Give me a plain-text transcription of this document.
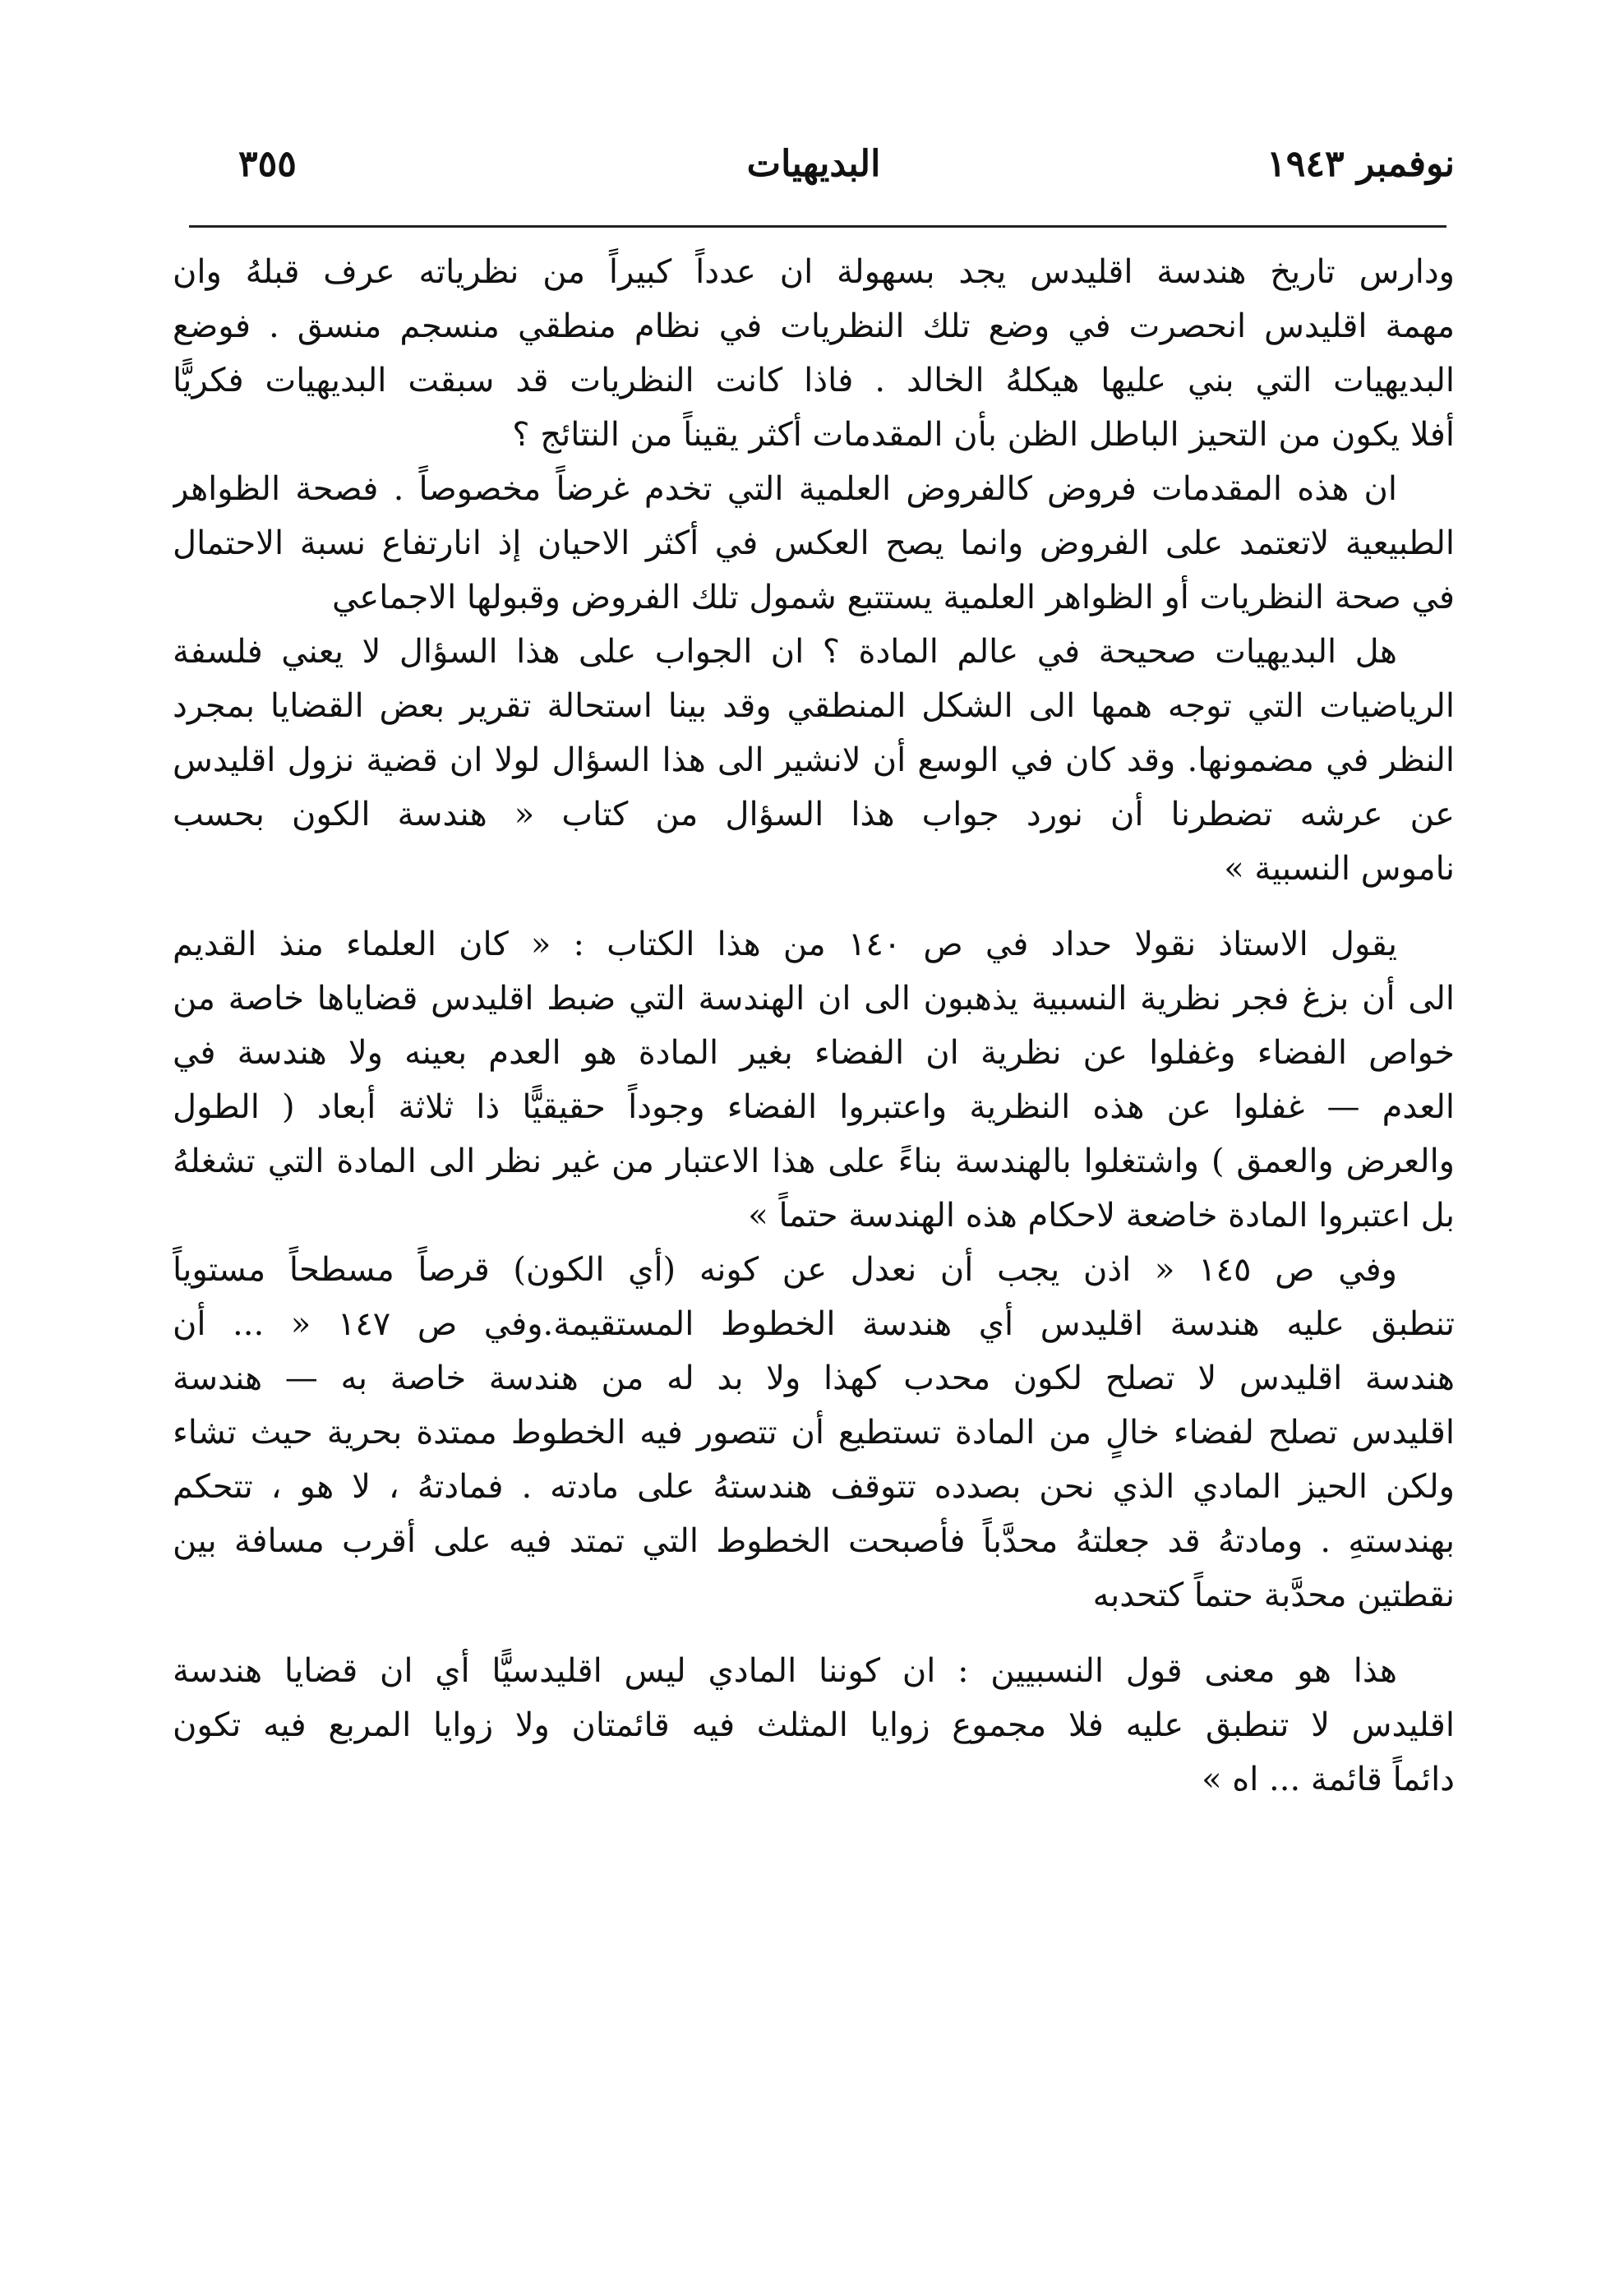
نوفمبر ١٩٤٣
البديهيات
٣٥٥
ودارس تاريخ هندسة اقليدس يجد بسهولة ان عدداً كبيراً من نظرياته عرف قبلهُ وان
مهمة اقليدس انحصرت في وضع تلك النظريات في نظام منطقي منسجم منسق . فوضع
البديهيات التي بني عليها هيكلهُ الخالد . فاذا كانت النظريات قد سبقت البديهيات فكريًّا
أفلا يكون من التحيز الباطل الظن بأن المقدمات أكثر يقيناً من النتائج ؟
ان هذه المقدمات فروض كالفروض العلمية التي تخدم غرضاً مخصوصاً . فصحة الظواهر
الطبيعية لاتعتمد على الفروض وانما يصح العكس في أكثر الاحيان إذ انارتفاع نسبة الاحتمال
في صحة النظريات أو الظواهر العلمية يستتبع شمول تلك الفروض وقبولها الاجماعي
هل البديهيات صحيحة في عالم المادة ؟ ان الجواب على هذا السؤال لا يعني فلسفة
الرياضيات التي توجه همها الى الشكل المنطقي وقد بينا استحالة تقرير بعض القضايا بمجرد
النظر في مضمونها. وقد كان في الوسع أن لانشير الى هذا السؤال لولا ان قضية نزول اقليدس
عن عرشه تضطرنا أن نورد جواب هذا السؤال من كتاب « هندسة الكون بحسب
ناموس النسبية »
يقول الاستاذ نقولا حداد في ص ١٤٠ من هذا الكتاب : « كان العلماء منذ القديم
الى أن بزغ فجر نظرية النسبية يذهبون الى ان الهندسة التي ضبط اقليدس قضاياها خاصة من
خواص الفضاء وغفلوا عن نظرية ان الفضاء بغير المادة هو العدم بعينه ولا هندسة في
العدم — غفلوا عن هذه النظرية واعتبروا الفضاء وجوداً حقيقيًّا ذا ثلاثة أبعاد ( الطول
والعرض والعمق ) واشتغلوا بالهندسة بناءً على هذا الاعتبار من غير نظر الى المادة التي تشغلهُ
بل اعتبروا المادة خاضعة لاحكام هذه الهندسة حتماً »
وفي ص ١٤٥ « اذن يجب أن نعدل عن كونه (أي الكون) قرصاً مسطحاً مستوياً
تنطبق عليه هندسة اقليدس أي هندسة الخطوط المستقيمة.وفي ص ١٤٧ « ... أن
هندسة اقليدس لا تصلح لكون محدب كهذا ولا بد له من هندسة خاصة به — هندسة
اقليدس تصلح لفضاء خالٍ من المادة تستطيع أن تتصور فيه الخطوط ممتدة بحرية حيث تشاء
ولكن الحيز المادي الذي نحن بصدده تتوقف هندستهُ على مادته . فمادتهُ ، لا هو ، تتحكم
بهندستهِ . ومادتهُ قد جعلتهُ محدَّباً فأصبحت الخطوط التي تمتد فيه على أقرب مسافة بين
نقطتين محدَّبة حتماً كتحدبه
هذا هو معنى قول النسبيين : ان كوننا المادي ليس اقليدسيًّا أي ان قضايا هندسة
اقليدس لا تنطبق عليه فلا مجموع زوايا المثلث فيه قائمتان ولا زوايا المربع فيه تكون
دائماً قائمة ... اه »
